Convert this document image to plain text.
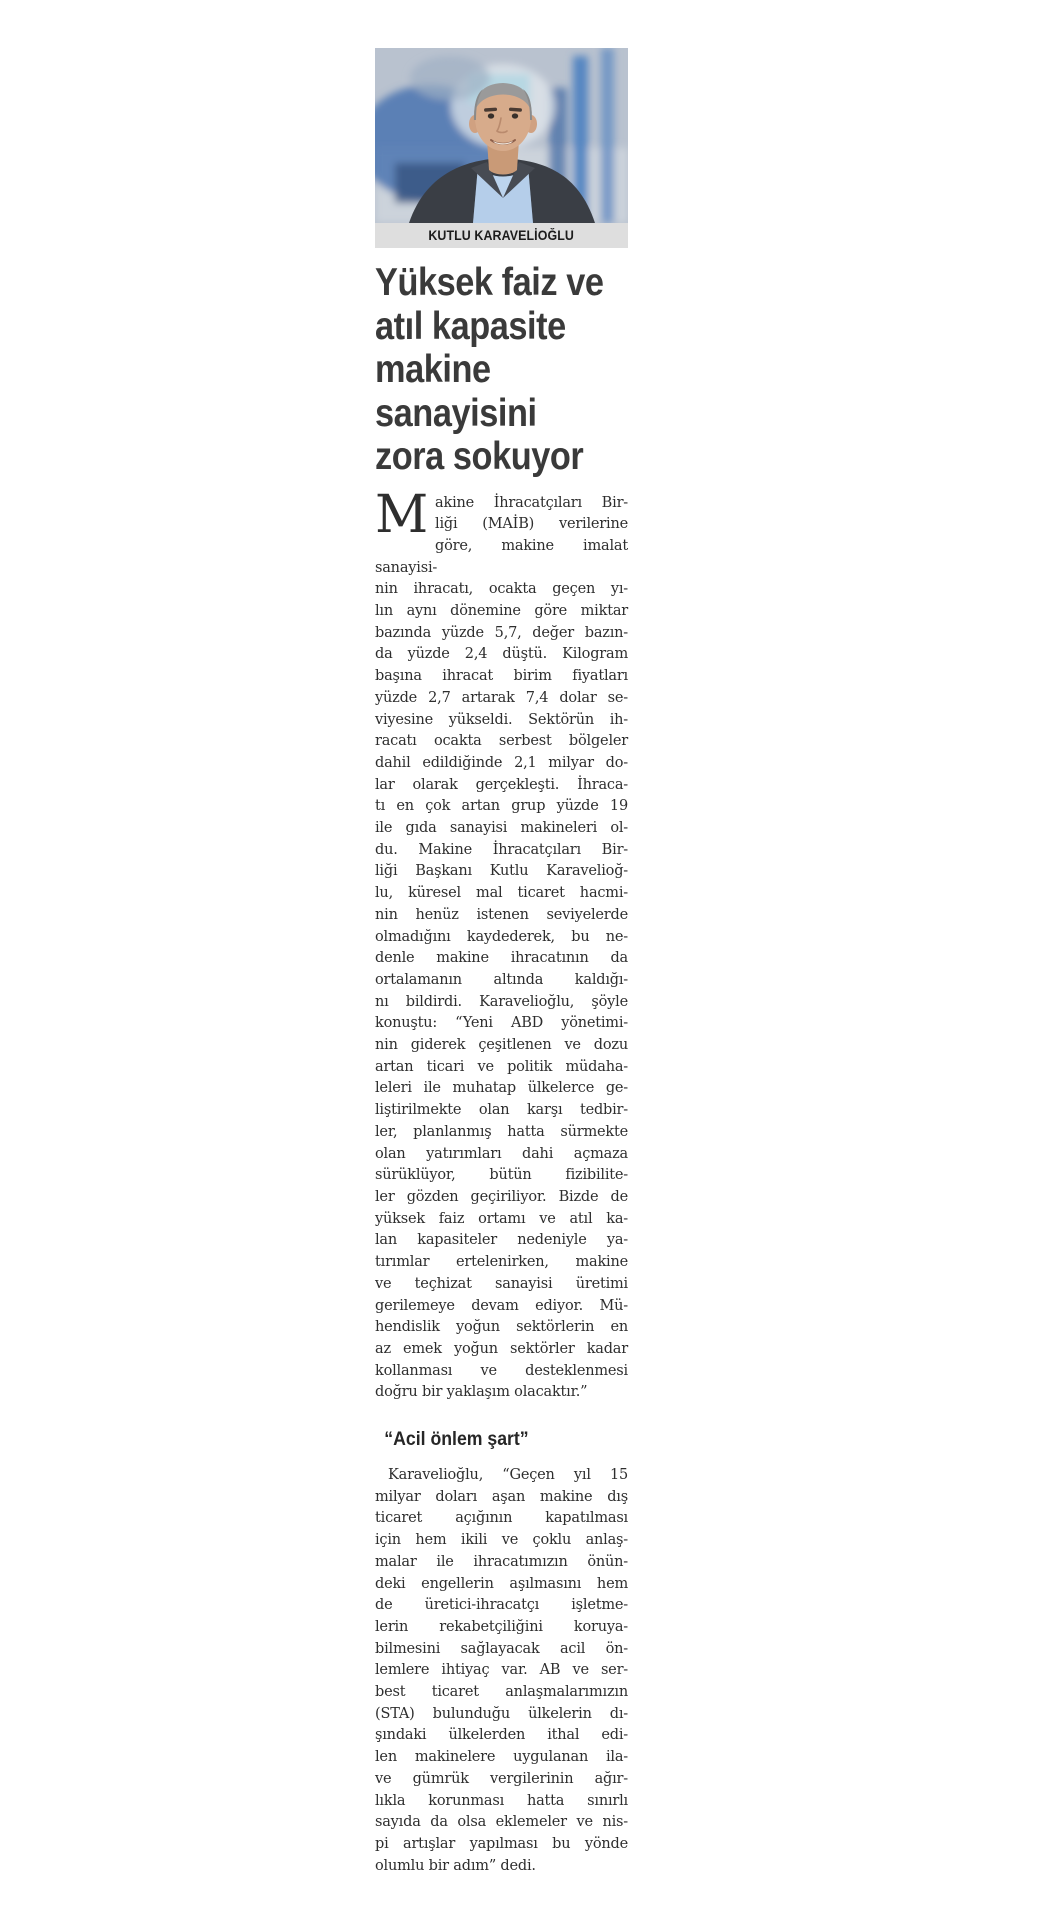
KUTLU KARAVELİOĞLU
Yüksek faiz ve
atıl kapasite
makine
sanayisini
zora sokuyor
M akine İhracatçıları Bir-
liği (MAİB) verilerine
göre, makine imalat sanayisi-
nin ihracatı, ocakta geçen yı-
lın aynı dönemine göre miktar
bazında yüzde 5,7, değer bazın-
da yüzde 2,4 düştü. Kilogram
başına ihracat birim fiyatları
yüzde 2,7 artarak 7,4 dolar se-
viyesine yükseldi. Sektörün ih-
racatı ocakta serbest bölgeler
dahil edildiğinde 2,1 milyar do-
lar olarak gerçekleşti. İhraca-
tı en çok artan grup yüzde 19
ile gıda sanayisi makineleri ol-
du. Makine İhracatçıları Bir-
liği Başkanı Kutlu Karavelioğ-
lu, küresel mal ticaret hacmi-
nin henüz istenen seviyelerde
olmadığını kaydederek, bu ne-
denle makine ihracatının da
ortalamanın altında kaldığı-
nı bildirdi. Karavelioğlu, şöyle
konuştu: “Yeni ABD yönetimi-
nin giderek çeşitlenen ve dozu
artan ticari ve politik müdaha-
leleri ile muhatap ülkelerce ge-
liştirilmekte olan karşı tedbir-
ler, planlanmış hatta sürmekte
olan yatırımları dahi açmaza
sürüklüyor, bütün fizibilite-
ler gözden geçiriliyor. Bizde de
yüksek faiz ortamı ve atıl ka-
lan kapasiteler nedeniyle ya-
tırımlar ertelenirken, makine
ve teçhizat sanayisi üretimi
gerilemeye devam ediyor. Mü-
hendislik yoğun sektörlerin en
az emek yoğun sektörler kadar
kollanması ve desteklenmesi
doğru bir yaklaşım olacaktır.”
“Acil önlem şart”
Karavelioğlu, “Geçen yıl 15
milyar doları aşan makine dış
ticaret açığının kapatılması
için hem ikili ve çoklu anlaş-
malar ile ihracatımızın önün-
deki engellerin aşılmasını hem
de üretici-ihracatçı işletme-
lerin rekabetçiliğini koruya-
bilmesini sağlayacak acil ön-
lemlere ihtiyaç var. AB ve ser-
best ticaret anlaşmalarımızın
(STA) bulunduğu ülkelerin dı-
şındaki ülkelerden ithal edi-
len makinelere uygulanan ila-
ve gümrük vergilerinin ağır-
lıkla korunması hatta sınırlı
sayıda da olsa eklemeler ve nis-
pi artışlar yapılması bu yönde
olumlu bir adım” dedi.
